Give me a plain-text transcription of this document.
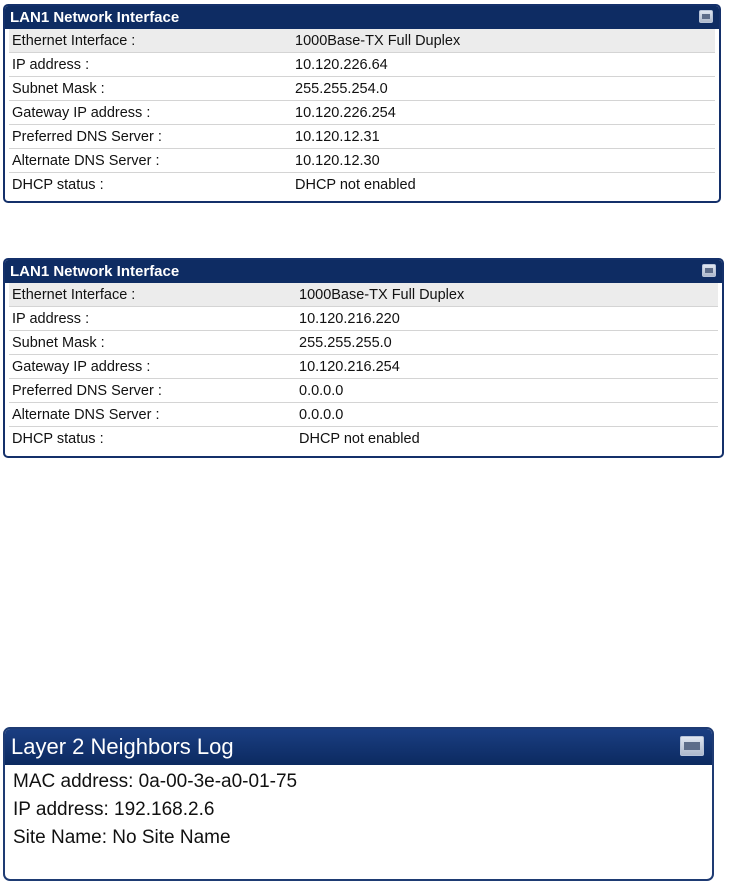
LAN1 Network Interface
Ethernet Interface :	1000Base-TX Full Duplex
IP address :	10.120.226.64
Subnet Mask :	255.255.254.0
Gateway IP address :	10.120.226.254
Preferred DNS Server :	10.120.12.31
Alternate DNS Server :	10.120.12.30
DHCP status :	DHCP not enabled
LAN1 Network Interface
Ethernet Interface :	1000Base-TX Full Duplex
IP address :	10.120.216.220
Subnet Mask :	255.255.255.0
Gateway IP address :	10.120.216.254
Preferred DNS Server :	0.0.0.0
Alternate DNS Server :	0.0.0.0
DHCP status :	DHCP not enabled
Layer 2 Neighbors Log
MAC address: 0a-00-3e-a0-01-75
IP address: 192.168.2.6
Site Name: No Site Name
